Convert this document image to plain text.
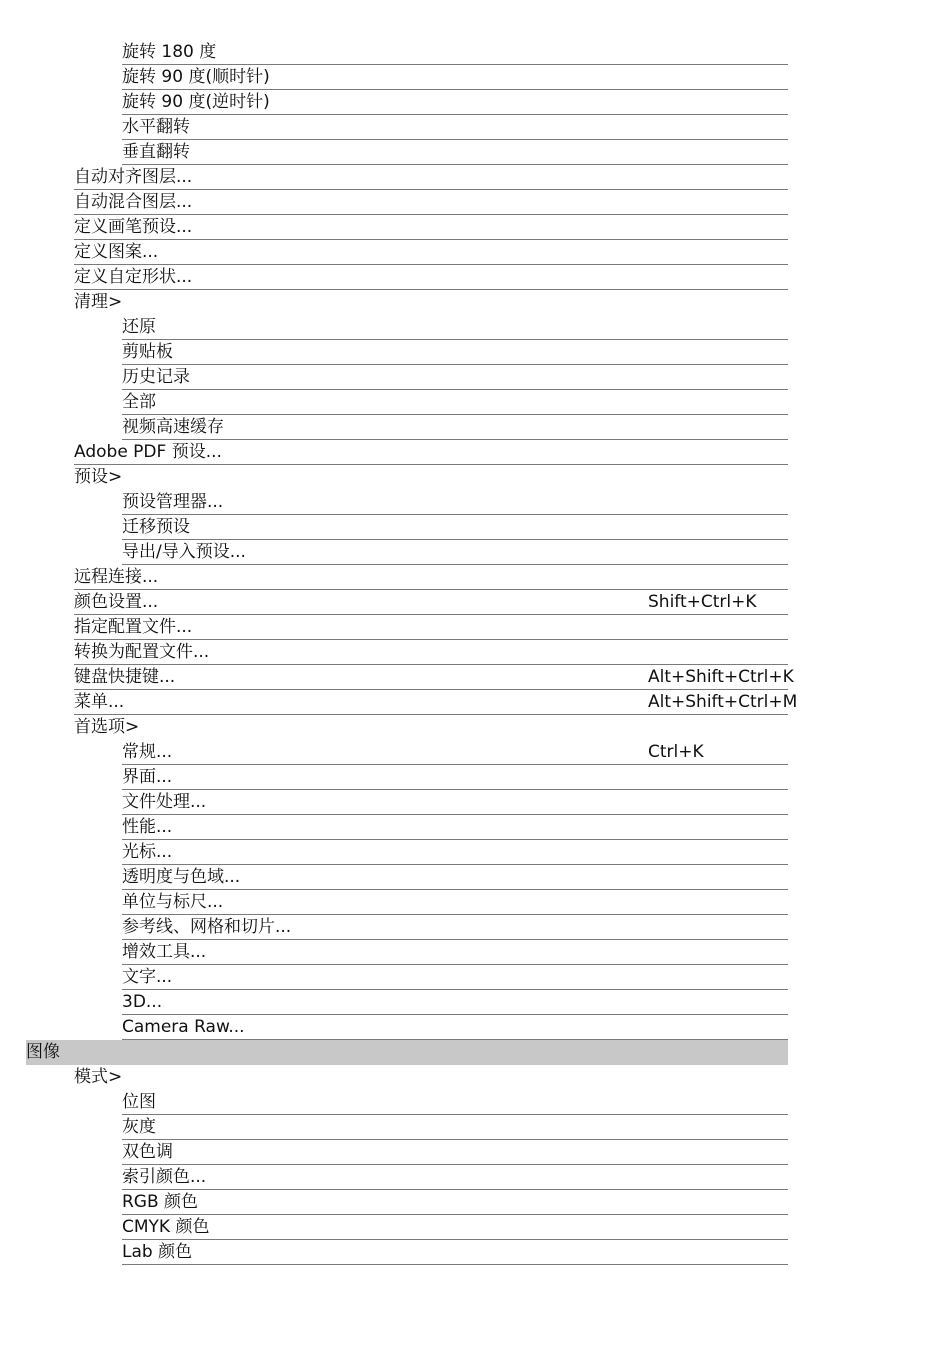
旋转 180 度
旋转 90 度(顺时针)
旋转 90 度(逆时针)
水平翻转
垂直翻转
自动对齐图层...
自动混合图层...
定义画笔预设...
定义图案...
定义自定形状...
清理>
还原
剪贴板
历史记录
全部
视频高速缓存
Adobe PDF 预设...
预设>
预设管理器...
迁移预设
导出/导入预设...
远程连接...
颜色设置...	Shift+Ctrl+K
指定配置文件...
转换为配置文件...
键盘快捷键...	Alt+Shift+Ctrl+K
菜单...	Alt+Shift+Ctrl+M
首选项>
常规...	Ctrl+K
界面...
文件处理...
性能...
光标...
透明度与色域...
单位与标尺...
参考线、网格和切片...
增效工具...
文字...
3D...
Camera Raw...
图像
模式>
位图
灰度
双色调
索引颜色...
RGB 颜色
CMYK 颜色
Lab 颜色
